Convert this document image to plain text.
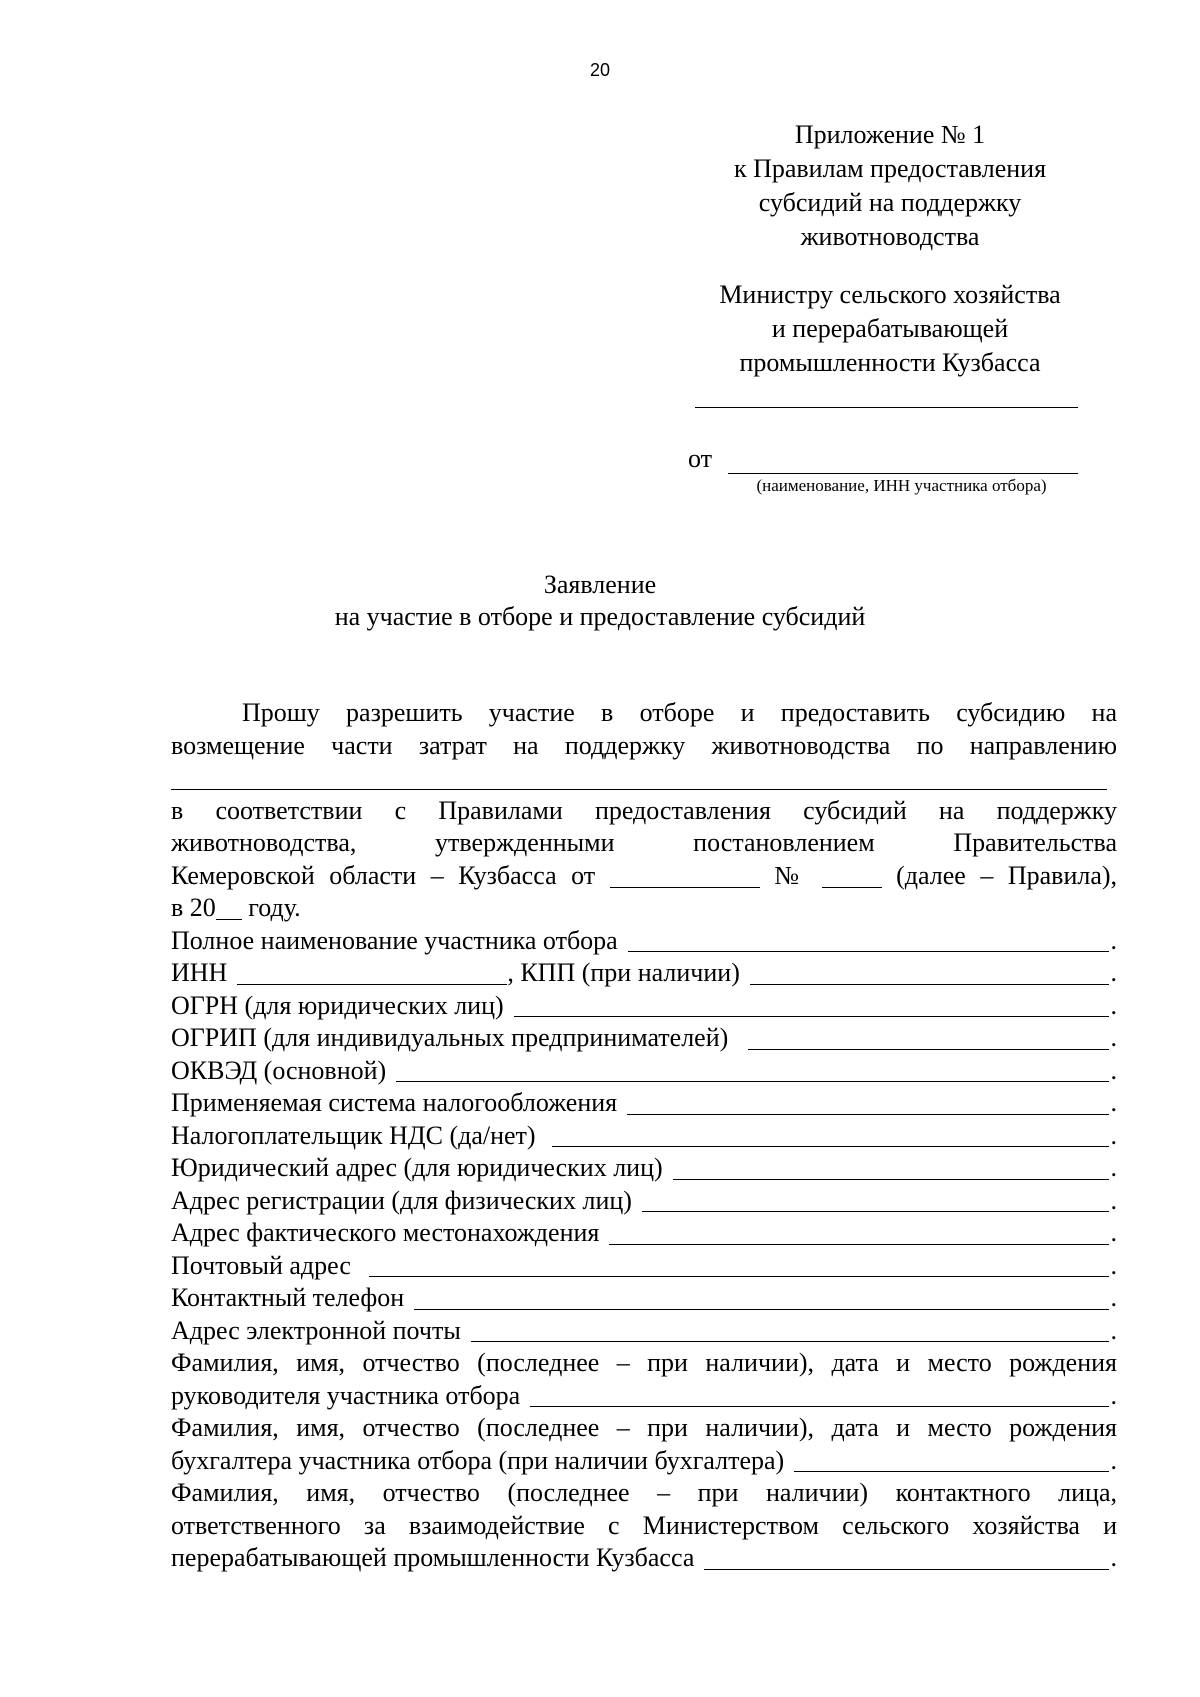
20
Приложение № 1
к Правилам предоставления
субсидий на поддержку
животноводства
Министру сельского хозяйства
и перерабатывающей
промышленности Кузбасса
от
(наименование, ИНН участника отбора)
Заявление
на участие в отборе и предоставление субсидий

Прошу разрешить участие в отборе и предоставить субсидию на

возмещение части затрат на поддержку животноводства по направлению

в соответствии с Правилами предоставления субсидий на поддержку

животноводства, утвержденными постановлением Правительства

Кемеровской области – Кузбасса от	№	(далее – Правила),

в 20 году.

Полное наименование участника отбора	.
ИНН	, КПП (при наличии)	.
ОГРН (для юридических лиц)	.
ОГРИП (для индивидуальных предпринимателей)	.
ОКВЭД (основной)	.
Применяемая система налогообложения	.
Налогоплательщик НДС (да/нет)	.
Юридический адрес (для юридических лиц)	.
Адрес регистрации (для физических лиц)	.
Адрес фактического местонахождения	.
Почтовый адрес	.
Контактный телефон	.
Адрес электронной почты	.

Фамилия, имя, отчество (последнее – при наличии), дата и место рождения

руководителя участника отбора	.

Фамилия, имя, отчество (последнее – при наличии), дата и место рождения

бухгалтера участника отбора (при наличии бухгалтера)	.

Фамилия, имя, отчество (последнее – при наличии) контактного лица,

ответственного за взаимодействие с Министерством сельского хозяйства и

перерабатывающей промышленности Кузбасса	.
